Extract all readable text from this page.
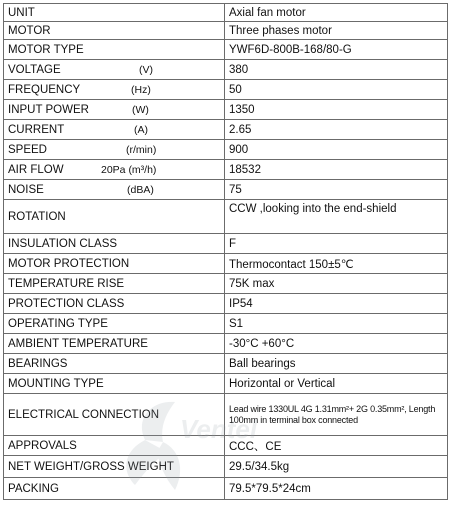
UNIT	Axial fan motor
MOTOR	Three phases motor
MOTOR TYPE	YWF6D-800B-168/80-G
VOLTAGE (V)	380
FREQUENCY (Hz)	50
INPUT POWER (W)	1350
CURRENT (A)	2.65
SPEED (r/min)	900
AIR FLOW 20Pa (m³/h)	18532
NOISE (dBA)	75
ROTATION	CCW ,looking into the end-shield
INSULATION CLASS	F
MOTOR PROTECTION	Thermocontact 150±5℃
TEMPERATURE RISE	75K max
PROTECTION CLASS	IP54
OPERATING TYPE	S1
AMBIENT TEMPERATURE	-30°C +60°C
BEARINGS	Ball bearings
MOUNTING TYPE	Horizontal or Vertical
ELECTRICAL CONNECTION	Lead wire 1330UL 4G 1.31mm²+ 2G 0.35mm², Length 100mm in terminal box connected

APPROVALS	CCC、CE
NET WEIGHT/GROSS WEIGHT	29.5/34.5kg
PACKING	79.5*79.5*24cm
Ventel
